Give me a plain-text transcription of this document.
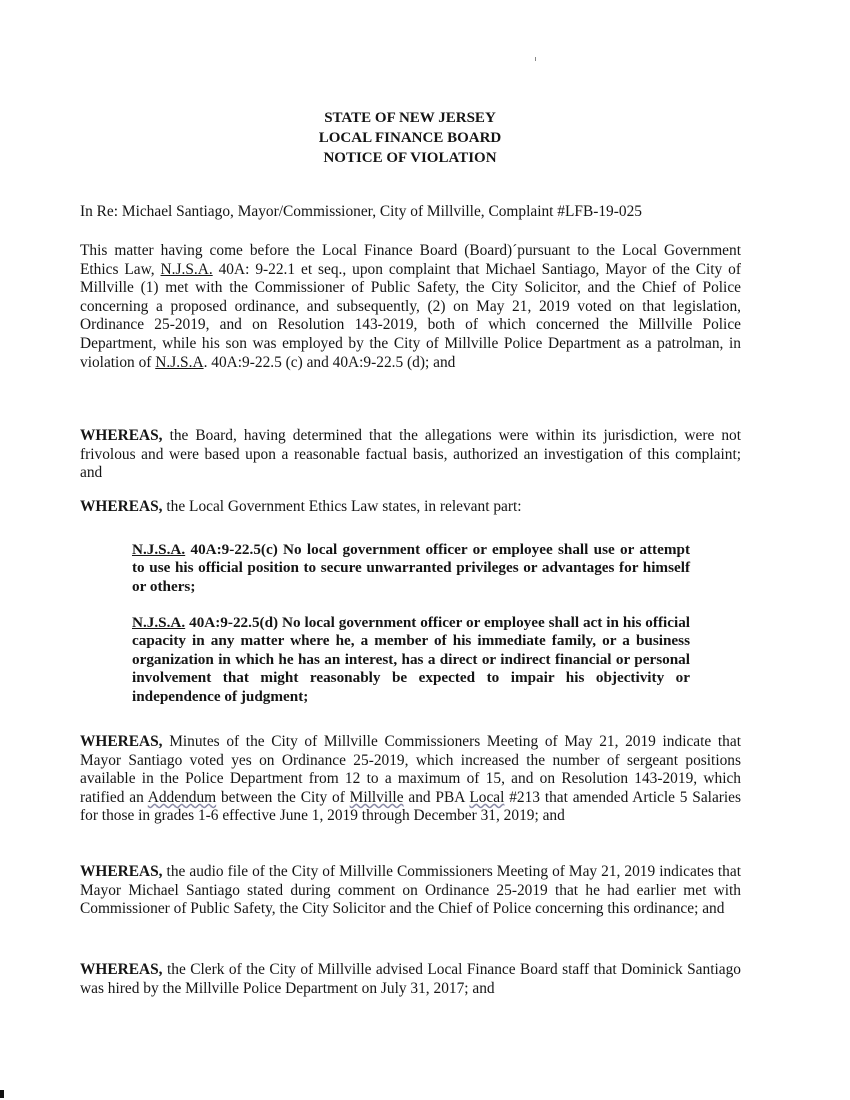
STATE OF NEW JERSEY
LOCAL FINANCE BOARD
NOTICE OF VIOLATION
In Re: Michael Santiago, Mayor/Commissioner, City of Millville, Complaint #LFB-19-025
This matter having come before the Local Finance Board (Board)´pursuant to the Local Government Ethics Law, N.J.S.A. 40A: 9-22.1 et seq., upon complaint that Michael Santiago, Mayor of the City of Millville (1) met with the Commissioner of Public Safety, the City Solicitor, and the Chief of Police concerning a proposed ordinance, and subsequently, (2) on May 21, 2019 voted on that legislation, Ordinance 25-2019, and on Resolution 143-2019, both of which concerned the Millville Police Department, while his son was employed by the City of Millville Police Department as a patrolman, in violation of N.J.S.A. 40A:9-22.5 (c) and 40A:9-22.5 (d); and
WHEREAS, the Board, having determined that the allegations were within its jurisdiction, were not frivolous and were based upon a reasonable factual basis, authorized an investigation of this complaint; and
WHEREAS, the Local Government Ethics Law states, in relevant part:
N.J.S.A. 40A:9-22.5(c) No local government officer or employee shall use or attempt to use his official position to secure unwarranted privileges or advantages for himself or others;
N.J.S.A. 40A:9-22.5(d) No local government officer or employee shall act in his official capacity in any matter where he, a member of his immediate family, or a business organization in which he has an interest, has a direct or indirect financial or personal involvement that might reasonably be expected to impair his objectivity or independence of judgment;
WHEREAS, Minutes of the City of Millville Commissioners Meeting of May 21, 2019 indicate that Mayor Santiago voted yes on Ordinance 25-2019, which increased the number of sergeant positions available in the Police Department from 12 to a maximum of 15, and on Resolution 143-2019, which ratified an Addendum between the City of Millville and PBA Local #213 that amended Article 5 Salaries for those in grades 1-6 effective June 1, 2019 through December 31, 2019; and
WHEREAS, the audio file of the City of Millville Commissioners Meeting of May 21, 2019 indicates that Mayor Michael Santiago stated during comment on Ordinance 25-2019 that he had earlier met with Commissioner of Public Safety, the City Solicitor and the Chief of Police concerning this ordinance; and
WHEREAS, the Clerk of the City of Millville advised Local Finance Board staff that Dominick Santiago was hired by the Millville Police Department on July 31, 2017; and
